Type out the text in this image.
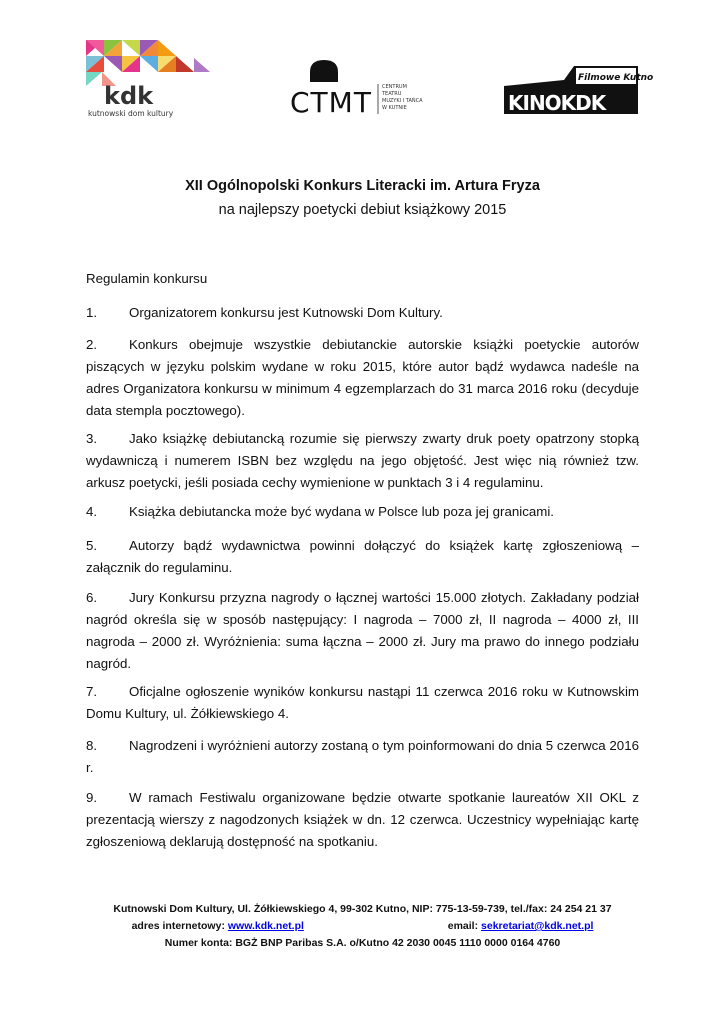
kdk
kutnowski dom kultury	CTMT CENTRUM
TEATRU
MUZYKI I TAŃCA
W KUTNIE
Filmowe Kutno
KINOKDK
XII Ogólnopolski Konkurs Literacki im. Artura Fryza
na najlepszy poetycki debiut książkowy 2015
Regulamin konkursu
1. Organizatorem konkursu jest Kutnowski Dom Kultury.
2. Konkurs obejmuje wszystkie debiutanckie autorskie książki poetyckie autorów piszących w języku polskim wydane w roku 2015, które autor bądź wydawca nadeśle na adres Organizatora konkursu w minimum 4 egzemplarzach do 31 marca 2016 roku (decyduje data stempla pocztowego).
3. Jako książkę debiutancką rozumie się pierwszy zwarty druk poety opatrzony stopką wydawniczą i numerem ISBN bez względu na jego objętość. Jest więc nią również tzw. arkusz poetycki, jeśli posiada cechy wymienione w punktach 3 i 4 regulaminu.
4. Książka debiutancka może być wydana w Polsce lub poza jej granicami.
5. Autorzy bądź wydawnictwa powinni dołączyć do książek kartę zgłoszeniową – załącznik do regulaminu.
6. Jury Konkursu przyzna nagrody o łącznej wartości 15.000 złotych. Zakładany podział nagród określa się w sposób następujący: I nagroda – 7000 zł, II nagroda – 4000 zł, III nagroda – 2000 zł. Wyróżnienia: suma łączna – 2000 zł. Jury ma prawo do innego podziału nagród.
7. Oficjalne ogłoszenie wyników konkursu nastąpi 11 czerwca 2016 roku w Kutnowskim Domu Kultury, ul. Żółkiewskiego 4.
8. Nagrodzeni i wyróżnieni autorzy zostaną o tym poinformowani do dnia 5 czerwca 2016 r.
9. W ramach Festiwalu organizowane będzie otwarte spotkanie laureatów XII OKL z prezentacją wierszy z nagodzonych książek w dn. 12 czerwca. Uczestnicy wypełniając kartę zgłoszeniową deklarują dostępność na spotkaniu.
Kutnowski Dom Kultury, Ul. Żółkiewskiego 4, 99-302 Kutno, NIP: 775-13-59-739, tel./fax: 24 254 21 37
adres internetowy: www.kdk.net.pl	email: sekretariat@kdk.net.pl
Numer konta: BGŻ BNP Paribas S.A. o/Kutno 42 2030 0045 1110 0000 0164 4760
